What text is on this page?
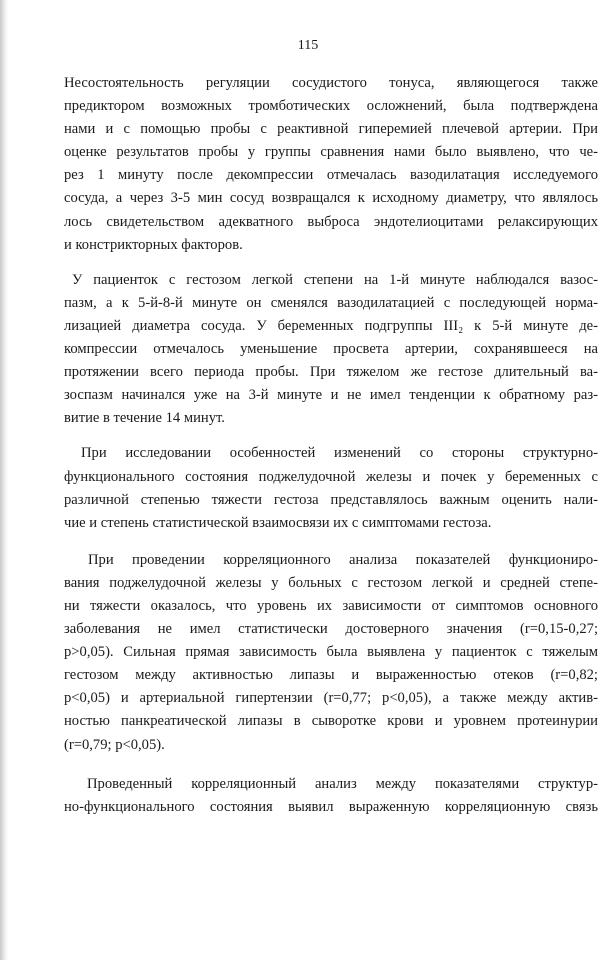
115
Несостоятельность регуляции сосудистого тонуса, являющегося также
предиктором возможных тромботических осложнений, была подтверждена
нами и с помощью пробы с реактивной гиперемией плечевой артерии. При
оценке результатов пробы у группы сравнения нами было выявлено, что че-
рез 1 минуту после декомпрессии отмечалась вазодилатация исследуемого
сосуда, а через 3-5 мин сосуд возвращался к исходному диаметру, что являлось
лось свидетельством адекватного выброса эндотелиоцитами релаксирующих
и констрикторных факторов.
У пациенток с гестозом легкой степени на 1-й минуте наблюдался вазос-
пазм, а к 5-й-8-й минуте он сменялся вазодилатацией с последующей норма-
лизацией диаметра сосуда. У беременных подгруппы III₂ к 5-й минуте де-
компрессии отмечалось уменьшение просвета артерии, сохранявшееся на
протяжении всего периода пробы. При тяжелом же гестозе длительный ва-
зоспазм начинался уже на 3-й минуте и не имел тенденции к обратному раз-
витие в течение 14 минут.
При исследовании особенностей изменений со стороны структурно-
функционального состояния поджелудочной железы и почек у беременных с
различной степенью тяжести гестоза представлялось важным оценить нали-
чие и степень статистической взаимосвязи их с симптомами гестоза.
При проведении корреляционного анализа показателей функциониро-
вания поджелудочной железы у больных с гестозом легкой и средней степе-
ни тяжести оказалось, что уровень их зависимости от симптомов основного
заболевания не имел статистически достоверного значения (r=0,15-0,27;
p>0,05). Сильная прямая зависимость была выявлена у пациенток с тяжелым
гестозом между активностью липазы и выраженностью отеков (r=0,82;
p<0,05) и артериальной гипертензии (r=0,77; p<0,05), а также между актив-
ностью панкреатической липазы в сыворотке крови и уровнем протеинурии
(r=0,79; p<0,05).
Проведенный корреляционный анализ между показателями структур-
но-функционального состояния выявил выраженную корреляционную связь
